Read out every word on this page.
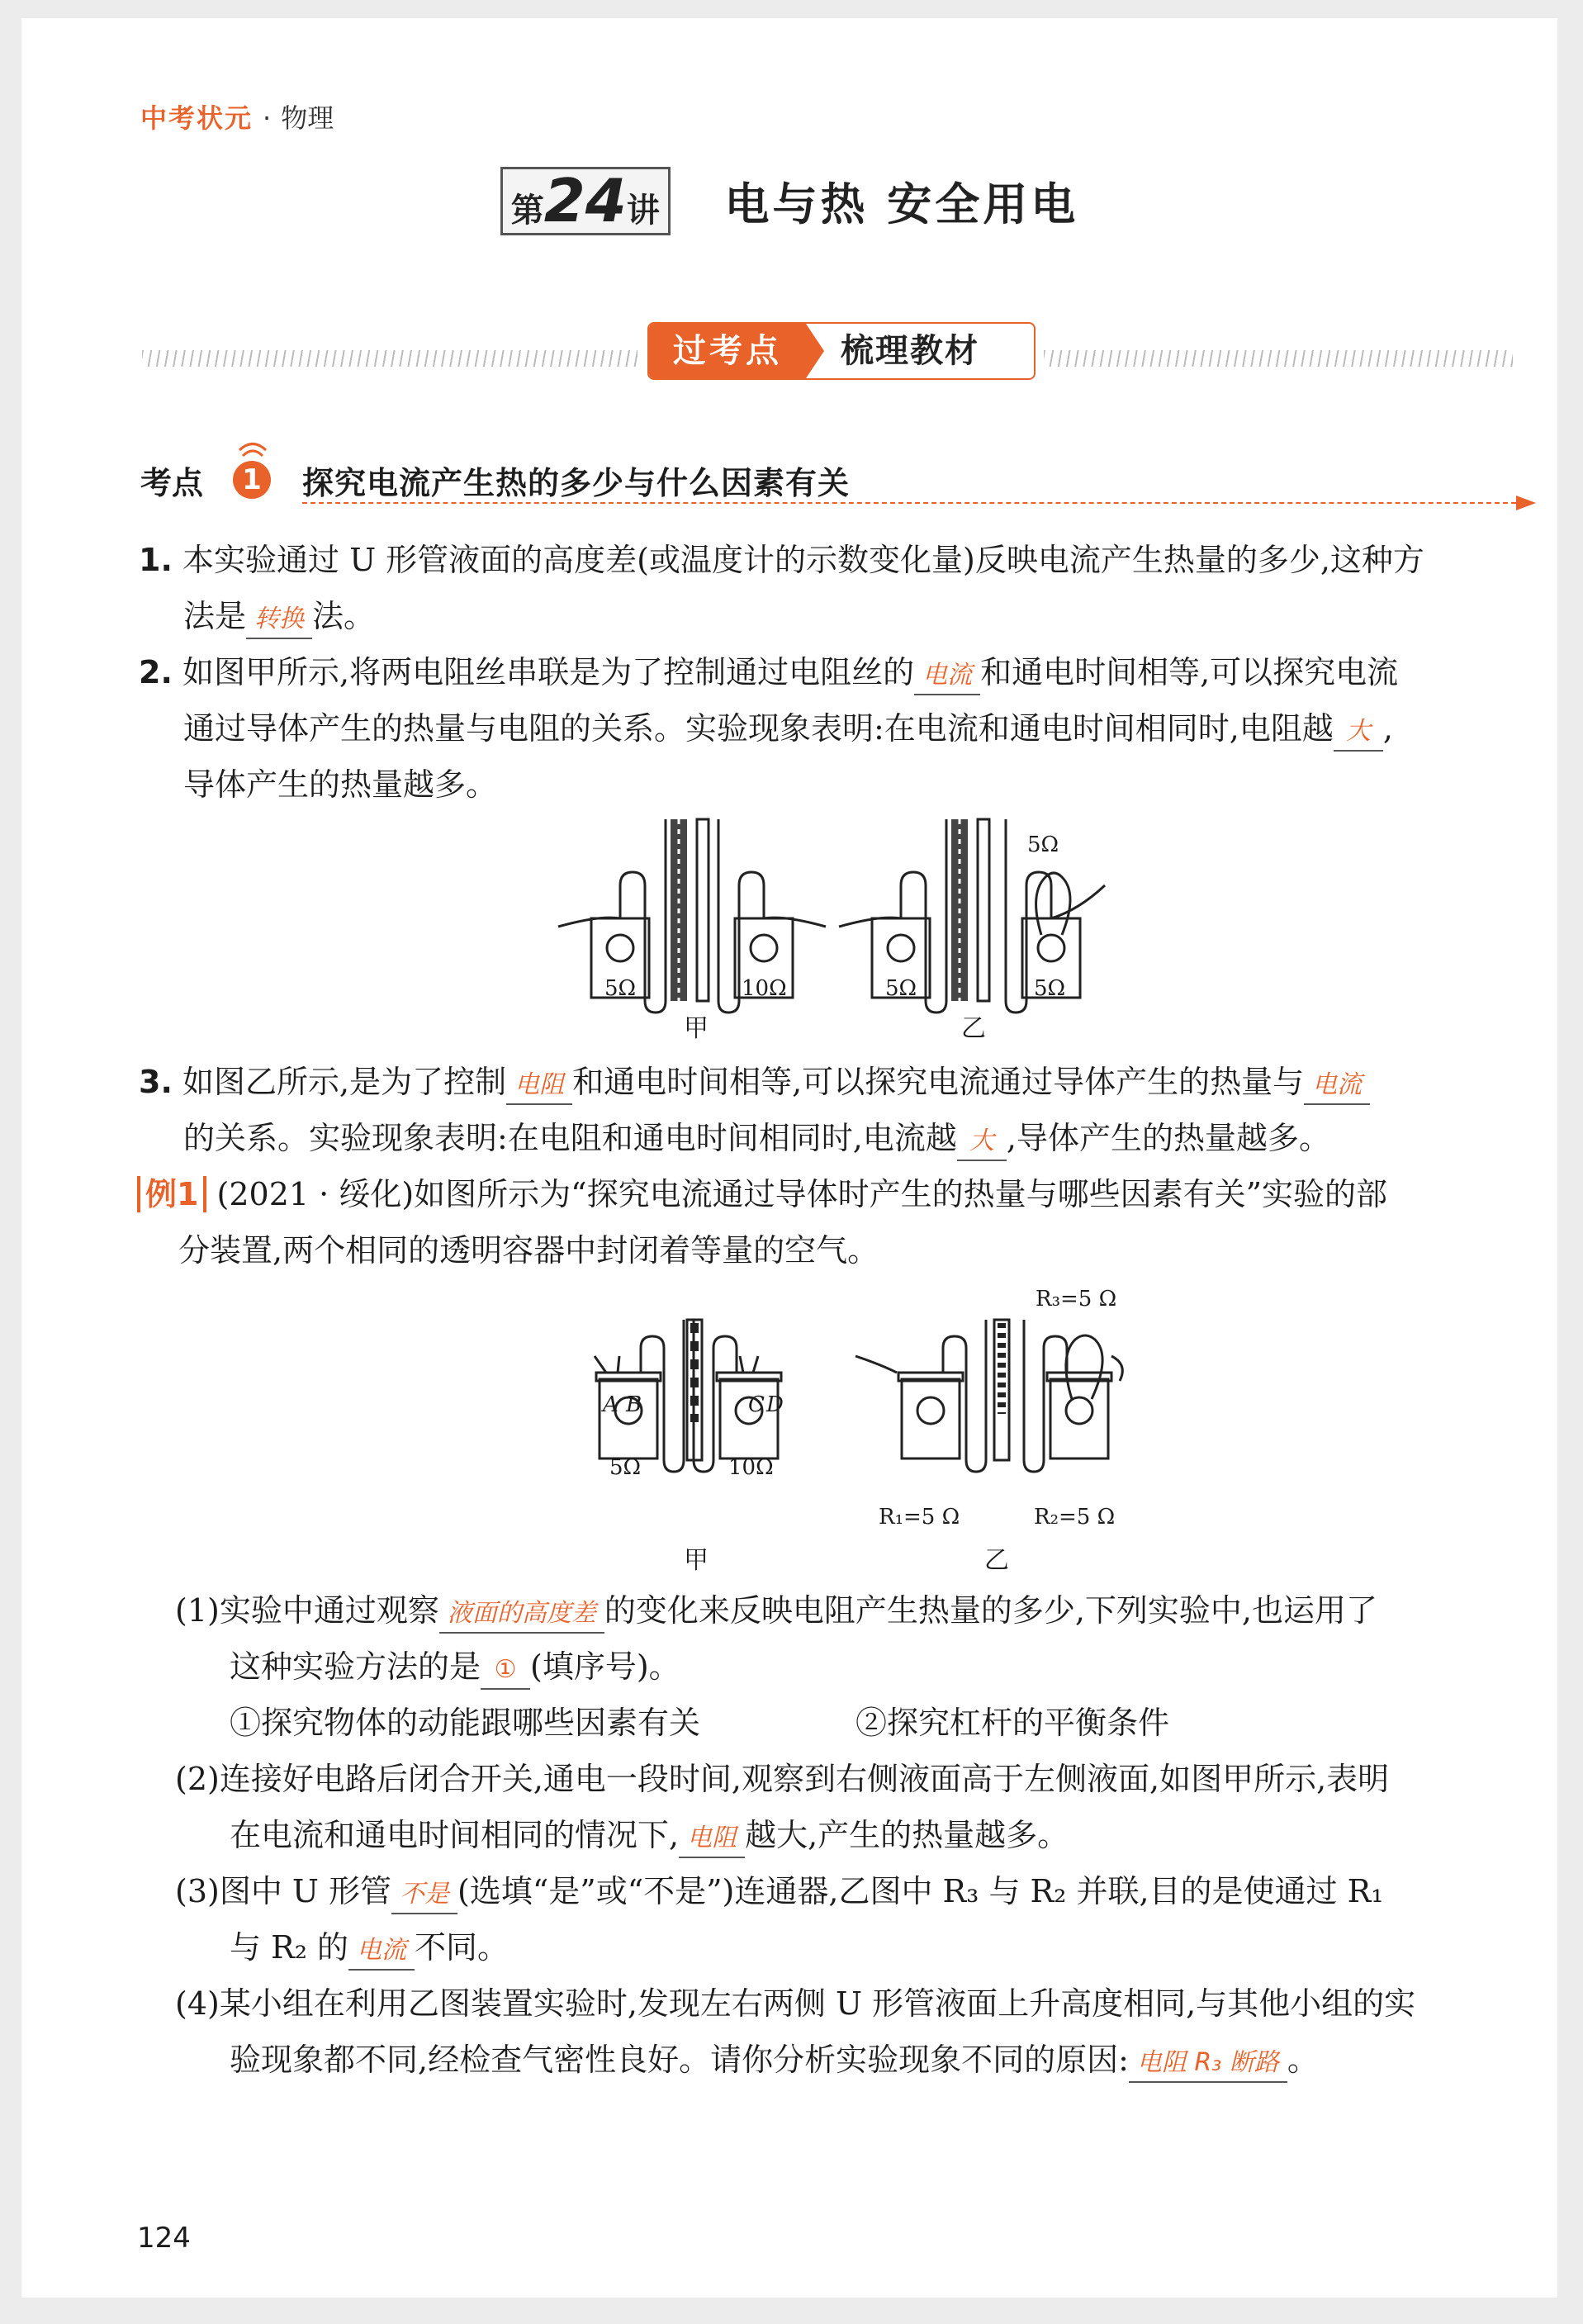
中考状元 · 物理
第24讲 电与热 安全用电
过考点	梳理教材
考点	1 探究电流产生热的多少与什么因素有关
1. 本实验通过 U 形管液面的高度差(或温度计的示数变化量)反映电流产生热量的多少,这种方
法是 转换 法。
2. 如图甲所示,将两电阻丝串联是为了控制通过电阻丝的 电流 和通电时间相等,可以探究电流
通过导体产生的热量与电阻的关系。实验现象表明:在电流和通电时间相同时,电阻越 大 ,
导体产生的热量越多。
5Ω	10Ω	5Ω	5Ω
5Ω
甲	乙
3. 如图乙所示,是为了控制 电阻 和通电时间相等,可以探究电流通过导体产生的热量与 电流
的关系。实验现象表明:在电阻和通电时间相同时,电流越 大 ,导体产生的热量越多。
例1 (2021 · 绥化)如图所示为“探究电流通过导体时产生的热量与哪些因素有关”实验的部
分装置,两个相同的透明容器中封闭着等量的空气。
A B	C D
5Ω	10Ω
R₃=5 Ω
R₁=5 Ω	R₂=5 Ω
甲	乙
(1)实验中通过观察 液面的高度差 的变化来反映电阻产生热量的多少,下列实验中,也运用了
这种实验方法的是 ① (填序号)。
①探究物体的动能跟哪些因素有关	②探究杠杆的平衡条件
(2)连接好电路后闭合开关,通电一段时间,观察到右侧液面高于左侧液面,如图甲所示,表明
在电流和通电时间相同的情况下, 电阻 越大,产生的热量越多。
(3)图中 U 形管 不是 (选填“是”或“不是”)连通器,乙图中 R₃ 与 R₂ 并联,目的是使通过 R₁
与 R₂ 的 电流 不同。
(4)某小组在利用乙图装置实验时,发现左右两侧 U 形管液面上升高度相同,与其他小组的实
验现象都不同,经检查气密性良好。请你分析实验现象不同的原因: 电阻 R₃ 断路 。
124
